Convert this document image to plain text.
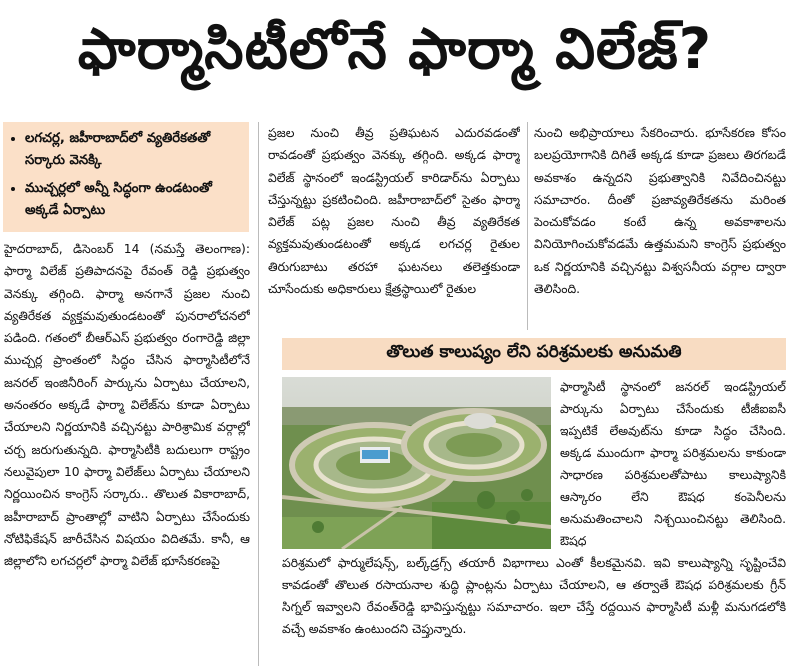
ఫార్మాసిటీలోనే ఫార్మా విలేజ్?
• లగచర్ల, జహీరాబాద్‌లో వ్యతిరేకతతో సర్కారు వెనక్కి
• ముచ్చర్లలో అన్నీ సిద్ధంగా ఉండటంతో అక్కడే ఏర్పాటు

హైదరాబాద్, డిసెంబర్ 14 (నమస్తే తెలంగాణ): ఫార్మా విలేజ్ ప్రతిపాదనపై రేవంత్ రెడ్డి ప్రభుత్వం వెనక్కు తగ్గింది. ఫార్మా అనగానే ప్రజల నుంచి వ్యతిరేకత వ్యక్తమవుతుండటంతో పునరాలోచనలో పడింది. గతంలో బీఆర్ఎస్ ప్రభుత్వం రంగారెడ్డి జిల్లా ముచ్చర్ల ప్రాంతంలో సిద్ధం చేసిన ఫార్మాసిటీలోనే జనరల్ ఇంజినీరింగ్ పార్కును ఏర్పాటు చేయాలని, అనంతరం అక్కడే ఫార్మా విలేజ్‌ను కూడా ఏర్పాటు చేయాలని నిర్ణయానికి వచ్చినట్టు పారిశ్రామిక వర్గాల్లో చర్చ జరుగుతున్నది. ఫార్మాసిటీకి బదులుగా రాష్ట్రం నలువైపులా 10 ఫార్మా విలేజ్‌లు ఏర్పాటు చేయాలని నిర్ణయించిన కాంగ్రెస్ సర్కారు.. తొలుత వికారాబాద్, జహీరాబాద్ ప్రాంతాల్లో వాటిని ఏర్పాటు చేసేందుకు నోటిఫికేషన్ జారీచేసిన విషయం విదితమే. కానీ, ఆ జిల్లాలోని లగచర్లలో ఫార్మా విలేజ్ భూసేకరణపై

ప్రజల నుంచి తీవ్ర ప్రతిఘటన ఎదురవడంతో రావడంతో ప్రభుత్వం వెనక్కు తగ్గింది. అక్కడ ఫార్మా విలేజ్ స్థానంలో ఇండస్ట్రియల్ కారిడార్‌ను ఏర్పాటు చేస్తున్నట్టు ప్రకటించింది. జహీరాబాద్‌లో సైతం ఫార్మా విలేజ్ పట్ల ప్రజల నుంచి తీవ్ర వ్యతిరేకత వ్యక్తమవుతుండటంతో అక్కడ లగచర్ల రైతుల తిరుగుబాటు తరహా ఘటనలు తలెత్తకుండా చూసేందుకు అధికారులు క్షేత్రస్థాయిలో రైతుల

నుంచి అభిప్రాయాలు సేకరించారు. భూసేకరణ కోసం బలప్రయోగానికి దిగితే అక్కడ కూడా ప్రజలు తిరగబడే అవకాశం ఉన్నదని ప్రభుత్వానికి నివేదించినట్టు సమాచారం. దీంతో ప్రజావ్యతిరేకతను మరింత పెంచుకోవడం కంటే ఉన్న అవకాశాలను వినియోగించుకోవడమే ఉత్తమమని కాంగ్రెస్ ప్రభుత్వం ఒక నిర్ణయానికి వచ్చినట్టు విశ్వసనీయ వర్గాల ద్వారా తెలిసింది.

తొలుత కాలుష్యం లేని పరిశ్రమలకు అనుమతి

ఫార్మాసిటీ స్థానంలో జనరల్ ఇండస్ట్రియల్ పార్కును ఏర్పాటు చేసేందుకు టీజీఐఐసీ ఇప్పటికే లేఅవుట్‌ను కూడా సిద్ధం చేసింది. అక్కడ ముందుగా ఫార్మా పరిశ్రమలను కాకుండా సాధారణ పరిశ్రమలతోపాటు కాలుష్యానికి ఆస్కారం లేని ఔషధ కంపెనీలను అనుమతించాలని నిశ్చయించినట్టు తెలిసింది. ఔషధ

పరిశ్రమలో ఫార్ములేషన్స్, బల్క్‌డ్రగ్స్ తయారీ విభాగాలు ఎంతో కీలకమైనవి. ఇవి కాలుష్యాన్ని సృష్టించేవి కావడంతో తొలుత రసాయనాల శుద్ధి ప్లాంట్లను ఏర్పాటు చేయాలని, ఆ తర్వాతే ఔషధ పరిశ్రమలకు గ్రీన్ సిగ్నల్ ఇవ్వాలని రేవంత్‌రెడ్డి భావిస్తున్నట్టు సమాచారం. ఇలా చేస్తే రద్దయిన ఫార్మాసిటీ మళ్లీ మనుగడలోకి వచ్చే అవకాశం ఉంటుందని చెప్తున్నారు.
